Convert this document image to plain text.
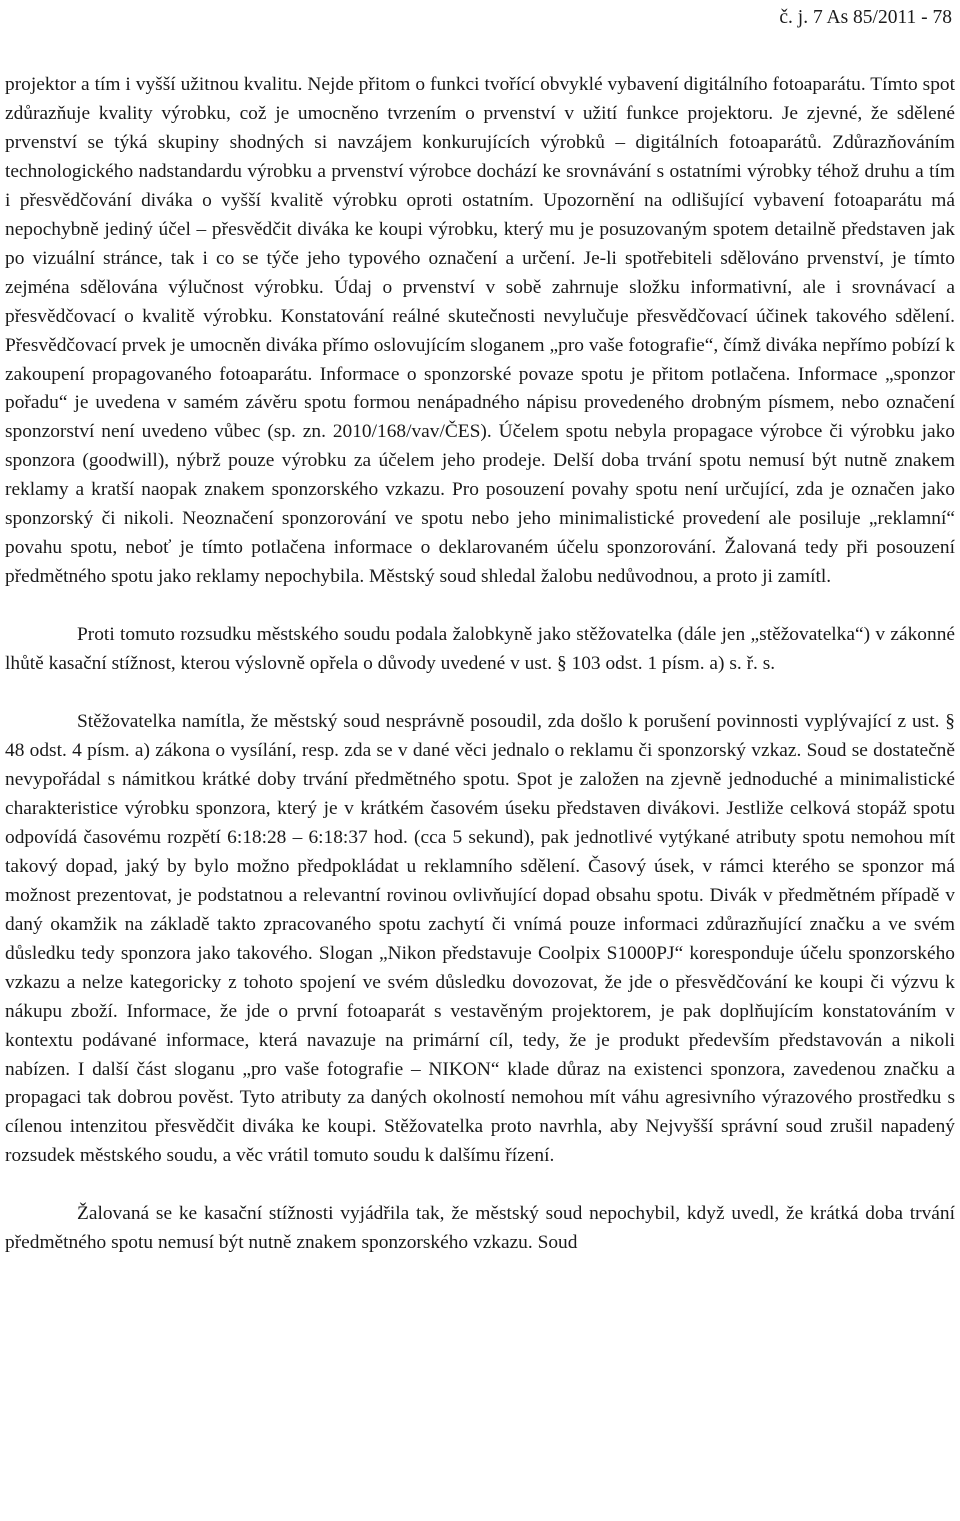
č. j. 7 As 85/2011 - 78

projektor a tím i vyšší užitnou kvalitu. Nejde přitom o funkci tvořící obvyklé vybavení digitálního fotoaparátu. Tímto spot zdůrazňuje kvality výrobku, což je umocněno tvrzením o prvenství v užití funkce projektoru. Je zjevné, že sdělené prvenství se týká skupiny shodných si navzájem konkurujících výrobků – digitálních fotoaparátů. Zdůrazňováním technologického nadstandardu výrobku a prvenství výrobce dochází ke srovnávání s ostatními výrobky téhož druhu a tím i přesvědčování diváka o vyšší kvalitě výrobku oproti ostatním. Upozornění na odlišující vybavení fotoaparátu má nepochybně jediný účel – přesvědčit diváka ke koupi výrobku, který mu je posuzovaným spotem detailně představen jak po vizuální stránce, tak i co se týče jeho typového označení a určení. Je-li spotřebiteli sdělováno prvenství, je tímto zejména sdělována výlučnost výrobku. Údaj o prvenství v sobě zahrnuje složku informativní, ale i srovnávací a přesvědčovací o kvalitě výrobku. Konstatování reálné skutečnosti nevylučuje přesvědčovací účinek takového sdělení. Přesvědčovací prvek je umocněn diváka přímo oslovujícím sloganem „pro vaše fotografie“, čímž diváka nepřímo pobízí k zakoupení propagovaného fotoaparátu. Informace o sponzorské povaze spotu je přitom potlačena. Informace „sponzor pořadu“ je uvedena v samém závěru spotu formou nenápadného nápisu provedeného drobným písmem, nebo označení sponzorství není uvedeno vůbec (sp. zn. 2010/168/vav/ČES). Účelem spotu nebyla propagace výrobce či výrobku jako sponzora (goodwill), nýbrž pouze výrobku za účelem jeho prodeje. Delší doba trvání spotu nemusí být nutně znakem reklamy a kratší naopak znakem sponzorského vzkazu. Pro posouzení povahy spotu není určující, zda je označen jako sponzorský či nikoli. Neoznačení sponzorování ve spotu nebo jeho minimalistické provedení ale posiluje „reklamní“ povahu spotu, neboť je tímto potlačena informace o deklarovaném účelu sponzorování. Žalovaná tedy při posouzení předmětného spotu jako reklamy nepochybila. Městský soud shledal žalobu nedůvodnou, a proto ji zamítl.

Proti tomuto rozsudku městského soudu podala žalobkyně jako stěžovatelka (dále jen „stěžovatelka“) v zákonné lhůtě kasační stížnost, kterou výslovně opřela o důvody uvedené v ust. § 103 odst. 1 písm. a) s. ř. s.

Stěžovatelka namítla, že městský soud nesprávně posoudil, zda došlo k porušení povinnosti vyplývající z ust. § 48 odst. 4 písm. a) zákona o vysílání, resp. zda se v dané věci jednalo o reklamu či sponzorský vzkaz. Soud se dostatečně nevypořádal s námitkou krátké doby trvání předmětného spotu. Spot je založen na zjevně jednoduché a minimalistické charakteristice výrobku sponzora, který je v krátkém časovém úseku představen divákovi. Jestliže celková stopáž spotu odpovídá časovému rozpětí 6:18:28 – 6:18:37 hod. (cca 5 sekund), pak jednotlivé vytýkané atributy spotu nemohou mít takový dopad, jaký by bylo možno předpokládat u reklamního sdělení. Časový úsek, v rámci kterého se sponzor má možnost prezentovat, je podstatnou a relevantní rovinou ovlivňující dopad obsahu spotu. Divák v předmětném případě v daný okamžik na základě takto zpracovaného spotu zachytí či vnímá pouze informaci zdůrazňující značku a ve svém důsledku tedy sponzora jako takového. Slogan „Nikon představuje Coolpix S1000PJ“ koresponduje účelu sponzorského vzkazu a nelze kategoricky z tohoto spojení ve svém důsledku dovozovat, že jde o přesvědčování ke koupi či výzvu k nákupu zboží. Informace, že jde o první fotoaparát s vestavěným projektorem, je pak doplňujícím konstatováním v kontextu podávané informace, která navazuje na primární cíl, tedy, že je produkt především představován a nikoli nabízen. I další část sloganu „pro vaše fotografie – NIKON“ klade důraz na existenci sponzora, zavedenou značku a propagaci tak dobrou pověst. Tyto atributy za daných okolností nemohou mít váhu agresivního výrazového prostředku s cílenou intenzitou přesvědčit diváka ke koupi. Stěžovatelka proto navrhla, aby Nejvyšší správní soud zrušil napadený rozsudek městského soudu, a věc vrátil tomuto soudu k dalšímu řízení.

Žalovaná se ke kasační stížnosti vyjádřila tak, že městský soud nepochybil, když uvedl, že krátká doba trvání předmětného spotu nemusí být nutně znakem sponzorského vzkazu. Soud
